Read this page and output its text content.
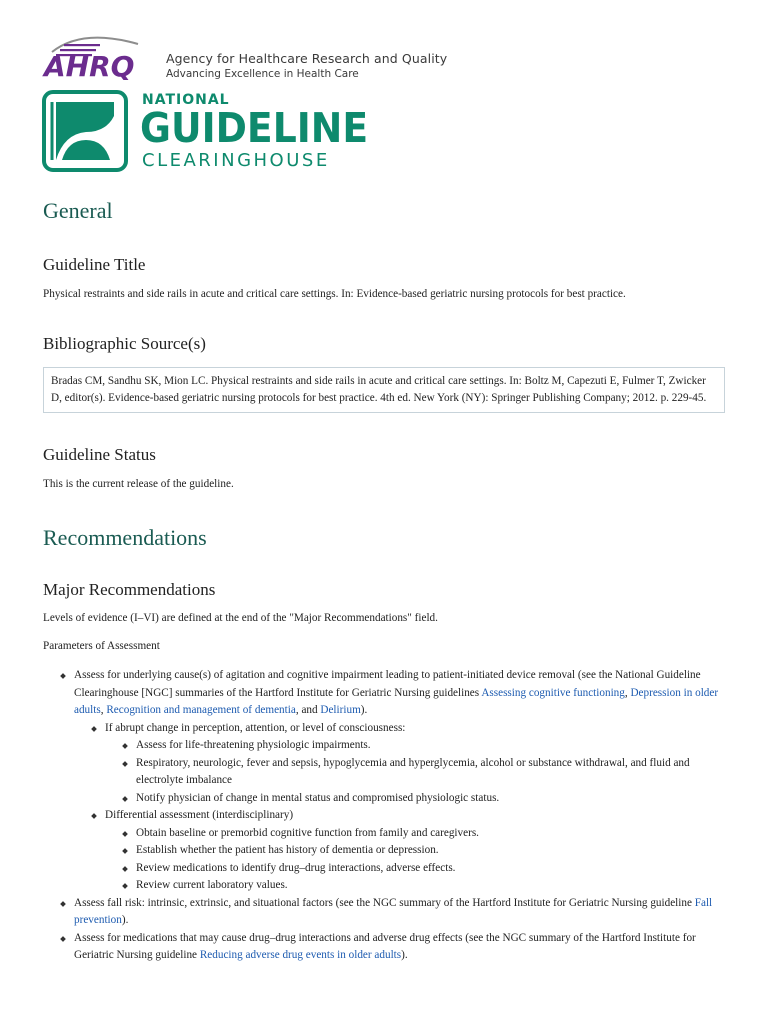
AHRQ	Agency for Healthcare Research and Quality
Advancing Excellence in Health Care
NATIONAL
GUIDELINE
CLEARINGHOUSE
General
Guideline Title

Physical restraints and side rails in acute and critical care settings. In: Evidence-based geriatric nursing protocols for best practice.

Bibliographic Source(s)
Bradas CM, Sandhu SK, Mion LC. Physical restraints and side rails in acute and critical care settings. In: Boltz M, Capezuti E, Fulmer T, Zwicker D, editor(s). Evidence-based geriatric nursing protocols for best practice. 4th ed. New York (NY): Springer Publishing Company; 2012. p. 229-45.
Guideline Status

This is the current release of the guideline.

Recommendations
Major Recommendations

Levels of evidence (I–VI) are defined at the end of the "Major Recommendations" field.

Parameters of Assessment

Assess for underlying cause(s) of agitation and cognitive impairment leading to patient-initiated device removal (see the National Guideline Clearinghouse [NGC] summaries of the Hartford Institute for Geriatric Nursing guidelines Assessing cognitive functioning, Depression in older adults, Recognition and management of dementia, and Delirium).
If abrupt change in perception, attention, or level of consciousness:
Assess for life-threatening physiologic impairments.
Respiratory, neurologic, fever and sepsis, hypoglycemia and hyperglycemia, alcohol or substance withdrawal, and fluid and electrolyte imbalance
Notify physician of change in mental status and compromised physiologic status.
Differential assessment (interdisciplinary)
Obtain baseline or premorbid cognitive function from family and caregivers.
Establish whether the patient has history of dementia or depression.
Review medications to identify drug–drug interactions, adverse effects.
Review current laboratory values.
Assess fall risk: intrinsic, extrinsic, and situational factors (see the NGC summary of the Hartford Institute for Geriatric Nursing guideline Fall prevention).
Assess for medications that may cause drug–drug interactions and adverse drug effects (see the NGC summary of the Hartford Institute for Geriatric Nursing guideline Reducing adverse drug events in older adults).
